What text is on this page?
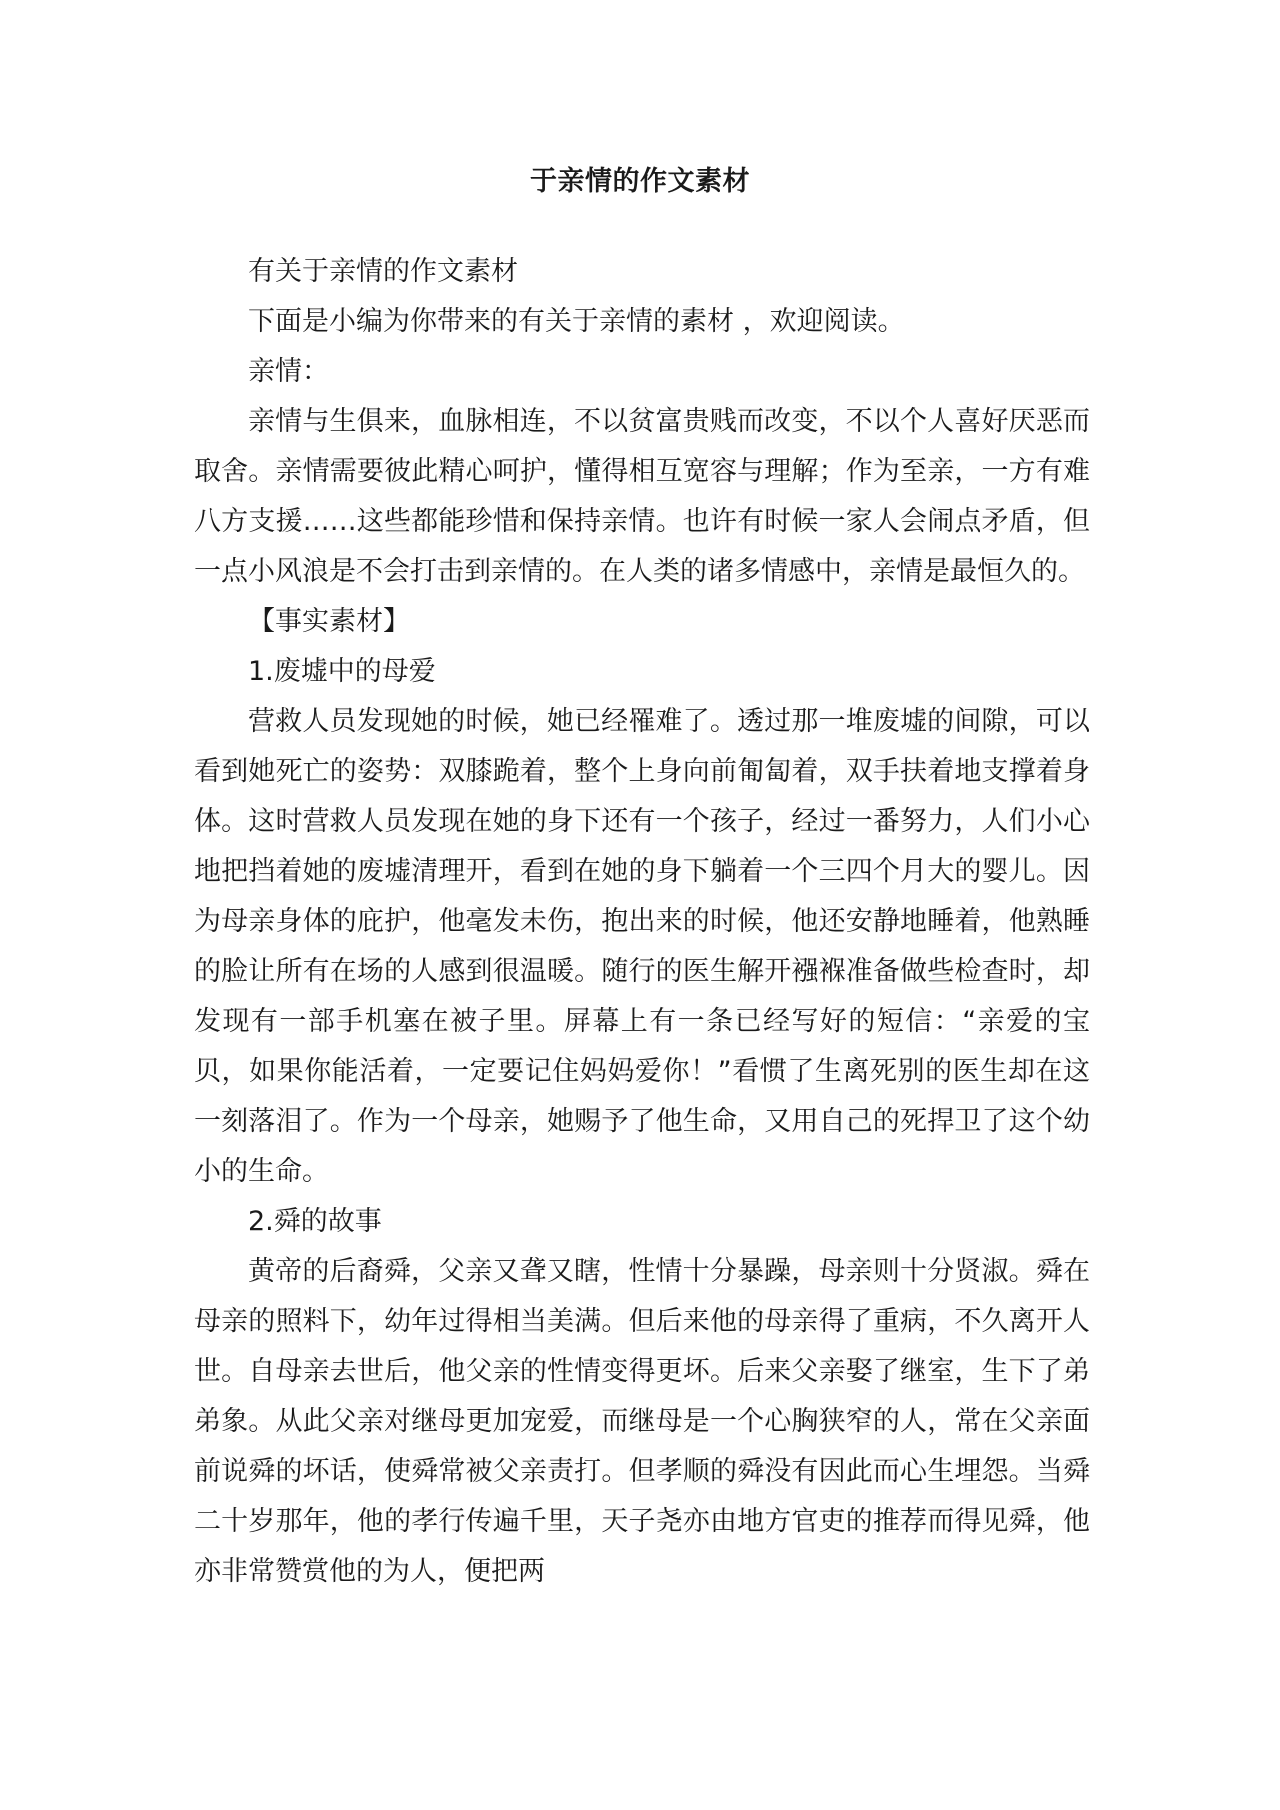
于亲情的作文素材

有关于亲情的作文素材

下面是小编为你带来的有关于亲情的素材 ，欢迎阅读。

亲情：

亲情与生俱来，血脉相连，不以贫富贵贱而改变，不以个人喜好厌恶而取舍。亲情需要彼此精心呵护，懂得相互宽容与理解；作为至亲，一方有难八方支援……这些都能珍惜和保持亲情。也许有时候一家人会闹点矛盾，但一点小风浪是不会打击到亲情的。在人类的诸多情感中，亲情是最恒久的。

【事实素材】

1.废墟中的母爱

营救人员发现她的时候，她已经罹难了。透过那一堆废墟的间隙，可以看到她死亡的姿势：双膝跪着，整个上身向前匍匐着，双手扶着地支撑着身体。这时营救人员发现在她的身下还有一个孩子，经过一番努力，人们小心地把挡着她的废墟清理开，看到在她的身下躺着一个三四个月大的婴儿。因为母亲身体的庇护，他毫发未伤，抱出来的时候，他还安静地睡着，他熟睡的脸让所有在场的人感到很温暖。随行的医生解开襁褓准备做些检查时，却发现有一部手机塞在被子里。屏幕上有一条已经写好的短信：“亲爱的宝贝，如果你能活着，一定要记住妈妈爱你！”看惯了生离死别的医生却在这一刻落泪了。作为一个母亲，她赐予了他生命，又用自己的死捍卫了这个幼小的生命。

2.舜的故事

黄帝的后裔舜，父亲又聋又瞎，性情十分暴躁，母亲则十分贤淑。舜在母亲的照料下，幼年过得相当美满。但后来他的母亲得了重病，不久离开人世。自母亲去世后，他父亲的性情变得更坏。后来父亲娶了继室，生下了弟弟象。从此父亲对继母更加宠爱，而继母是一个心胸狭窄的人，常在父亲面前说舜的坏话，使舜常被父亲责打。但孝顺的舜没有因此而心生埋怨。当舜二十岁那年，他的孝行传遍千里，天子尧亦由地方官吏的推荐而得见舜，他亦非常赞赏他的为人，便把两
